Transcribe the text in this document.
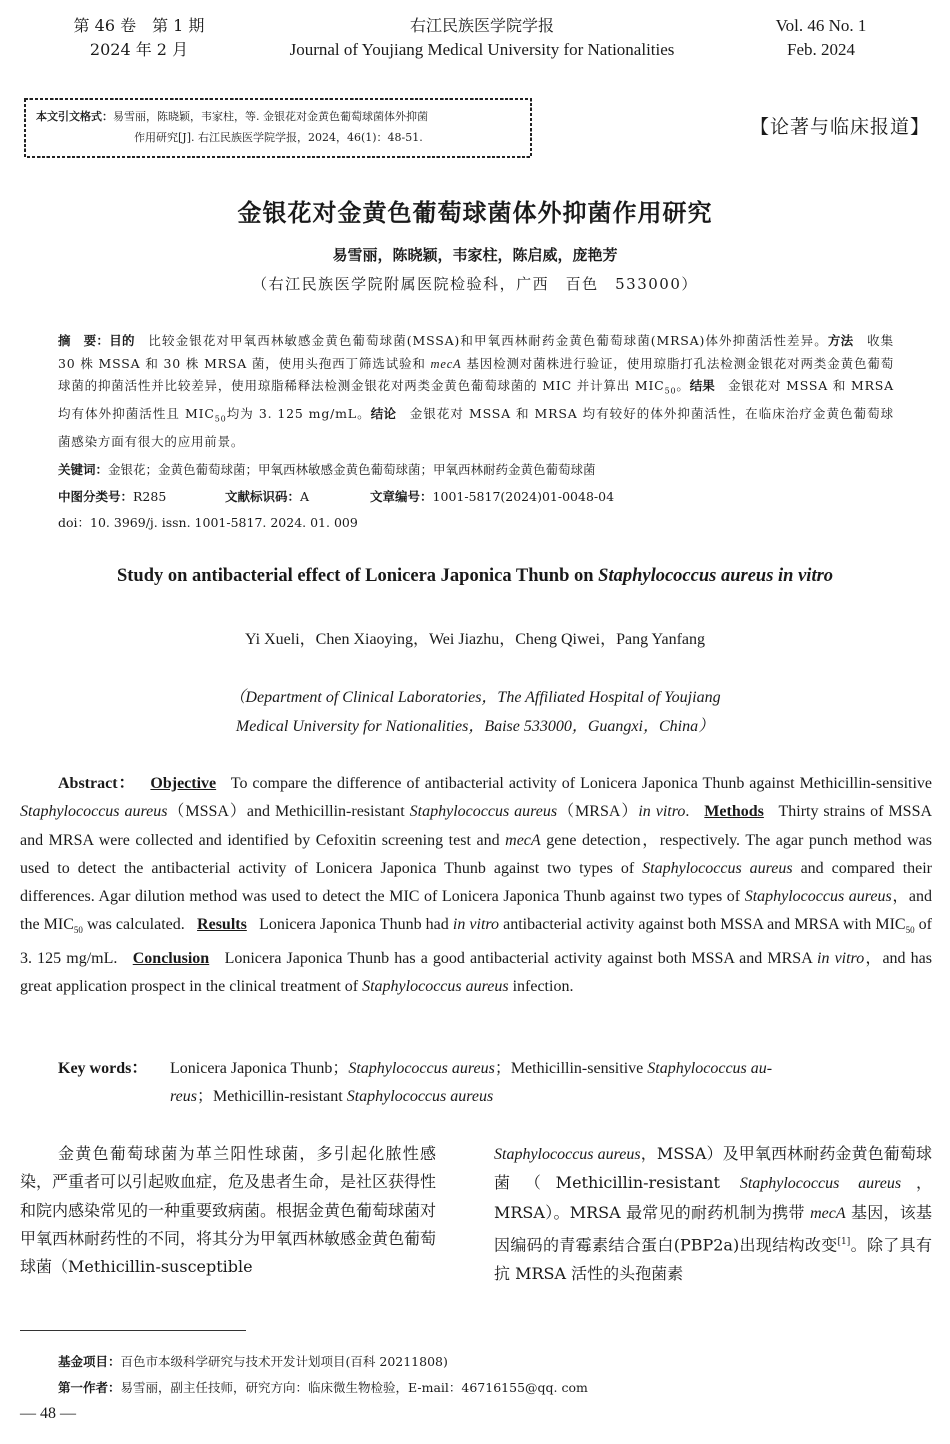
第 46 卷　第 1 期
2024 年 2 月
右江民族医学院学报
Journal of Youjiang Medical University for Nationalities
Vol. 46 No. 1
Feb. 2024
本文引文格式：易雪丽，陈晓颖，韦家柱，等. 金银花对金黄色葡萄球菌体外抑菌
作用研究[J]. 右江民族医学院学报，2024，46(1)：48-51.	【论著与临床报道】
金银花对金黄色葡萄球菌体外抑菌作用研究
易雪丽，陈晓颖，韦家柱，陈启威，庞艳芳
（右江民族医学院附属医院检验科，广西　百色　533000）
摘　要：目的　 比较金银花对甲氧西林敏感金黄色葡萄球菌(MSSA)和甲氧西林耐药金黄色葡萄球菌(MRSA)体外抑菌活性差异。方法　 收集 30 株 MSSA 和 30 株 MRSA 菌，使用头孢西丁筛选试验和 mecA 基因检测对菌株进行验证，使用琼脂打孔法检测金银花对两类金黄色葡萄球菌的抑菌活性并比较差异，使用琼脂稀释法检测金银花对两类金黄色葡萄球菌的 MIC 并计算出 $MIC_{50}$。结果　 金银花对 MSSA 和 MRSA 均有体外抑菌活性且 $MIC_{50}$均为 3. 125 mg/mL。结论　 金银花对 MSSA 和 MRSA 均有较好的体外抑菌活性，在临床治疗金黄色葡萄球菌感染方面有很大的应用前景。
关键词：金银花；金黄色葡萄球菌；甲氧西林敏感金黄色葡萄球菌；甲氧西林耐药金黄色葡萄球菌
中图分类号：R285	文献标识码：A	文章编号：1001-5817(2024)01-0048-04
doi：10. 3969/j. issn. 1001-5817. 2024. 01. 009
Study on antibacterial effect of Lonicera Japonica Thunb on Staphylococcus aureus in vitro
Yi Xueli，Chen Xiaoying，Wei Jiazhu，Cheng Qiwei，Pang Yanfang
（Department of Clinical Laboratories，The Affiliated Hospital of Youjiang
Medical University for Nationalities，Baise 533000，Guangxi，China）
Abstract： Objective To compare the difference of antibacterial activity of Lonicera Japonica Thunb against Methicillin-sensitive Staphylococcus aureus（MSSA）and Methicillin-resistant Staphylococcus aureus（MRSA）in vitro. Methods Thirty strains of MSSA and MRSA were collected and identified by Cefoxitin screening test and mecA gene detection，respectively. The agar punch method was used to detect the antibacterial activity of Lonicera Japonica Thunb against two types of Staphylococcus aureus and compared their differences. Agar dilution method was used to detect the MIC of Lonicera Japonica Thunb against two types of Staphylococcus aureus，and the $MIC_{50}$ was calculated. Results Lonicera Japonica Thunb had in vitro antibacterial activity against both MSSA and MRSA with $MIC_{50}$ of 3. 125 mg/mL. Conclusion Lonicera Japonica Thunb has a good antibacterial activity against both MSSA and MRSA in vitro，and has great application prospect in the clinical treatment of Staphylococcus aureus infection.
Key words： Lonicera Japonica Thunb；Staphylococcus aureus；Methicillin-sensitive Staphylococcus au-
reus；Methicillin-resistant Staphylococcus aureus
金黄色葡萄球菌为革兰阳性球菌，多引起化脓性感染，严重者可以引起败血症，危及患者生命，是社区获得性和院内感染常见的一种重要致病菌。根据金黄色葡萄球菌对甲氧西林耐药性的不同，将其分为甲氧西林敏感金黄色葡萄球菌（Methicillin-susceptible
Staphylococcus aureus，MSSA）及甲氧西林耐药金黄色葡萄球菌（Methicillin-resistant Staphylococcus aureus，MRSA）。MRSA 最常见的耐药机制为携带 mecA 基因，该基因编码的青霉素结合蛋白(PBP2a)出现结构改变[1]。除了具有抗 MRSA 活性的头孢菌素
基金项目：百色市本级科学研究与技术开发计划项目(百科 20211808)
第一作者：易雪丽，副主任技师，研究方向：临床微生物检验，E-mail：46716155@qq. com
— 48 —
